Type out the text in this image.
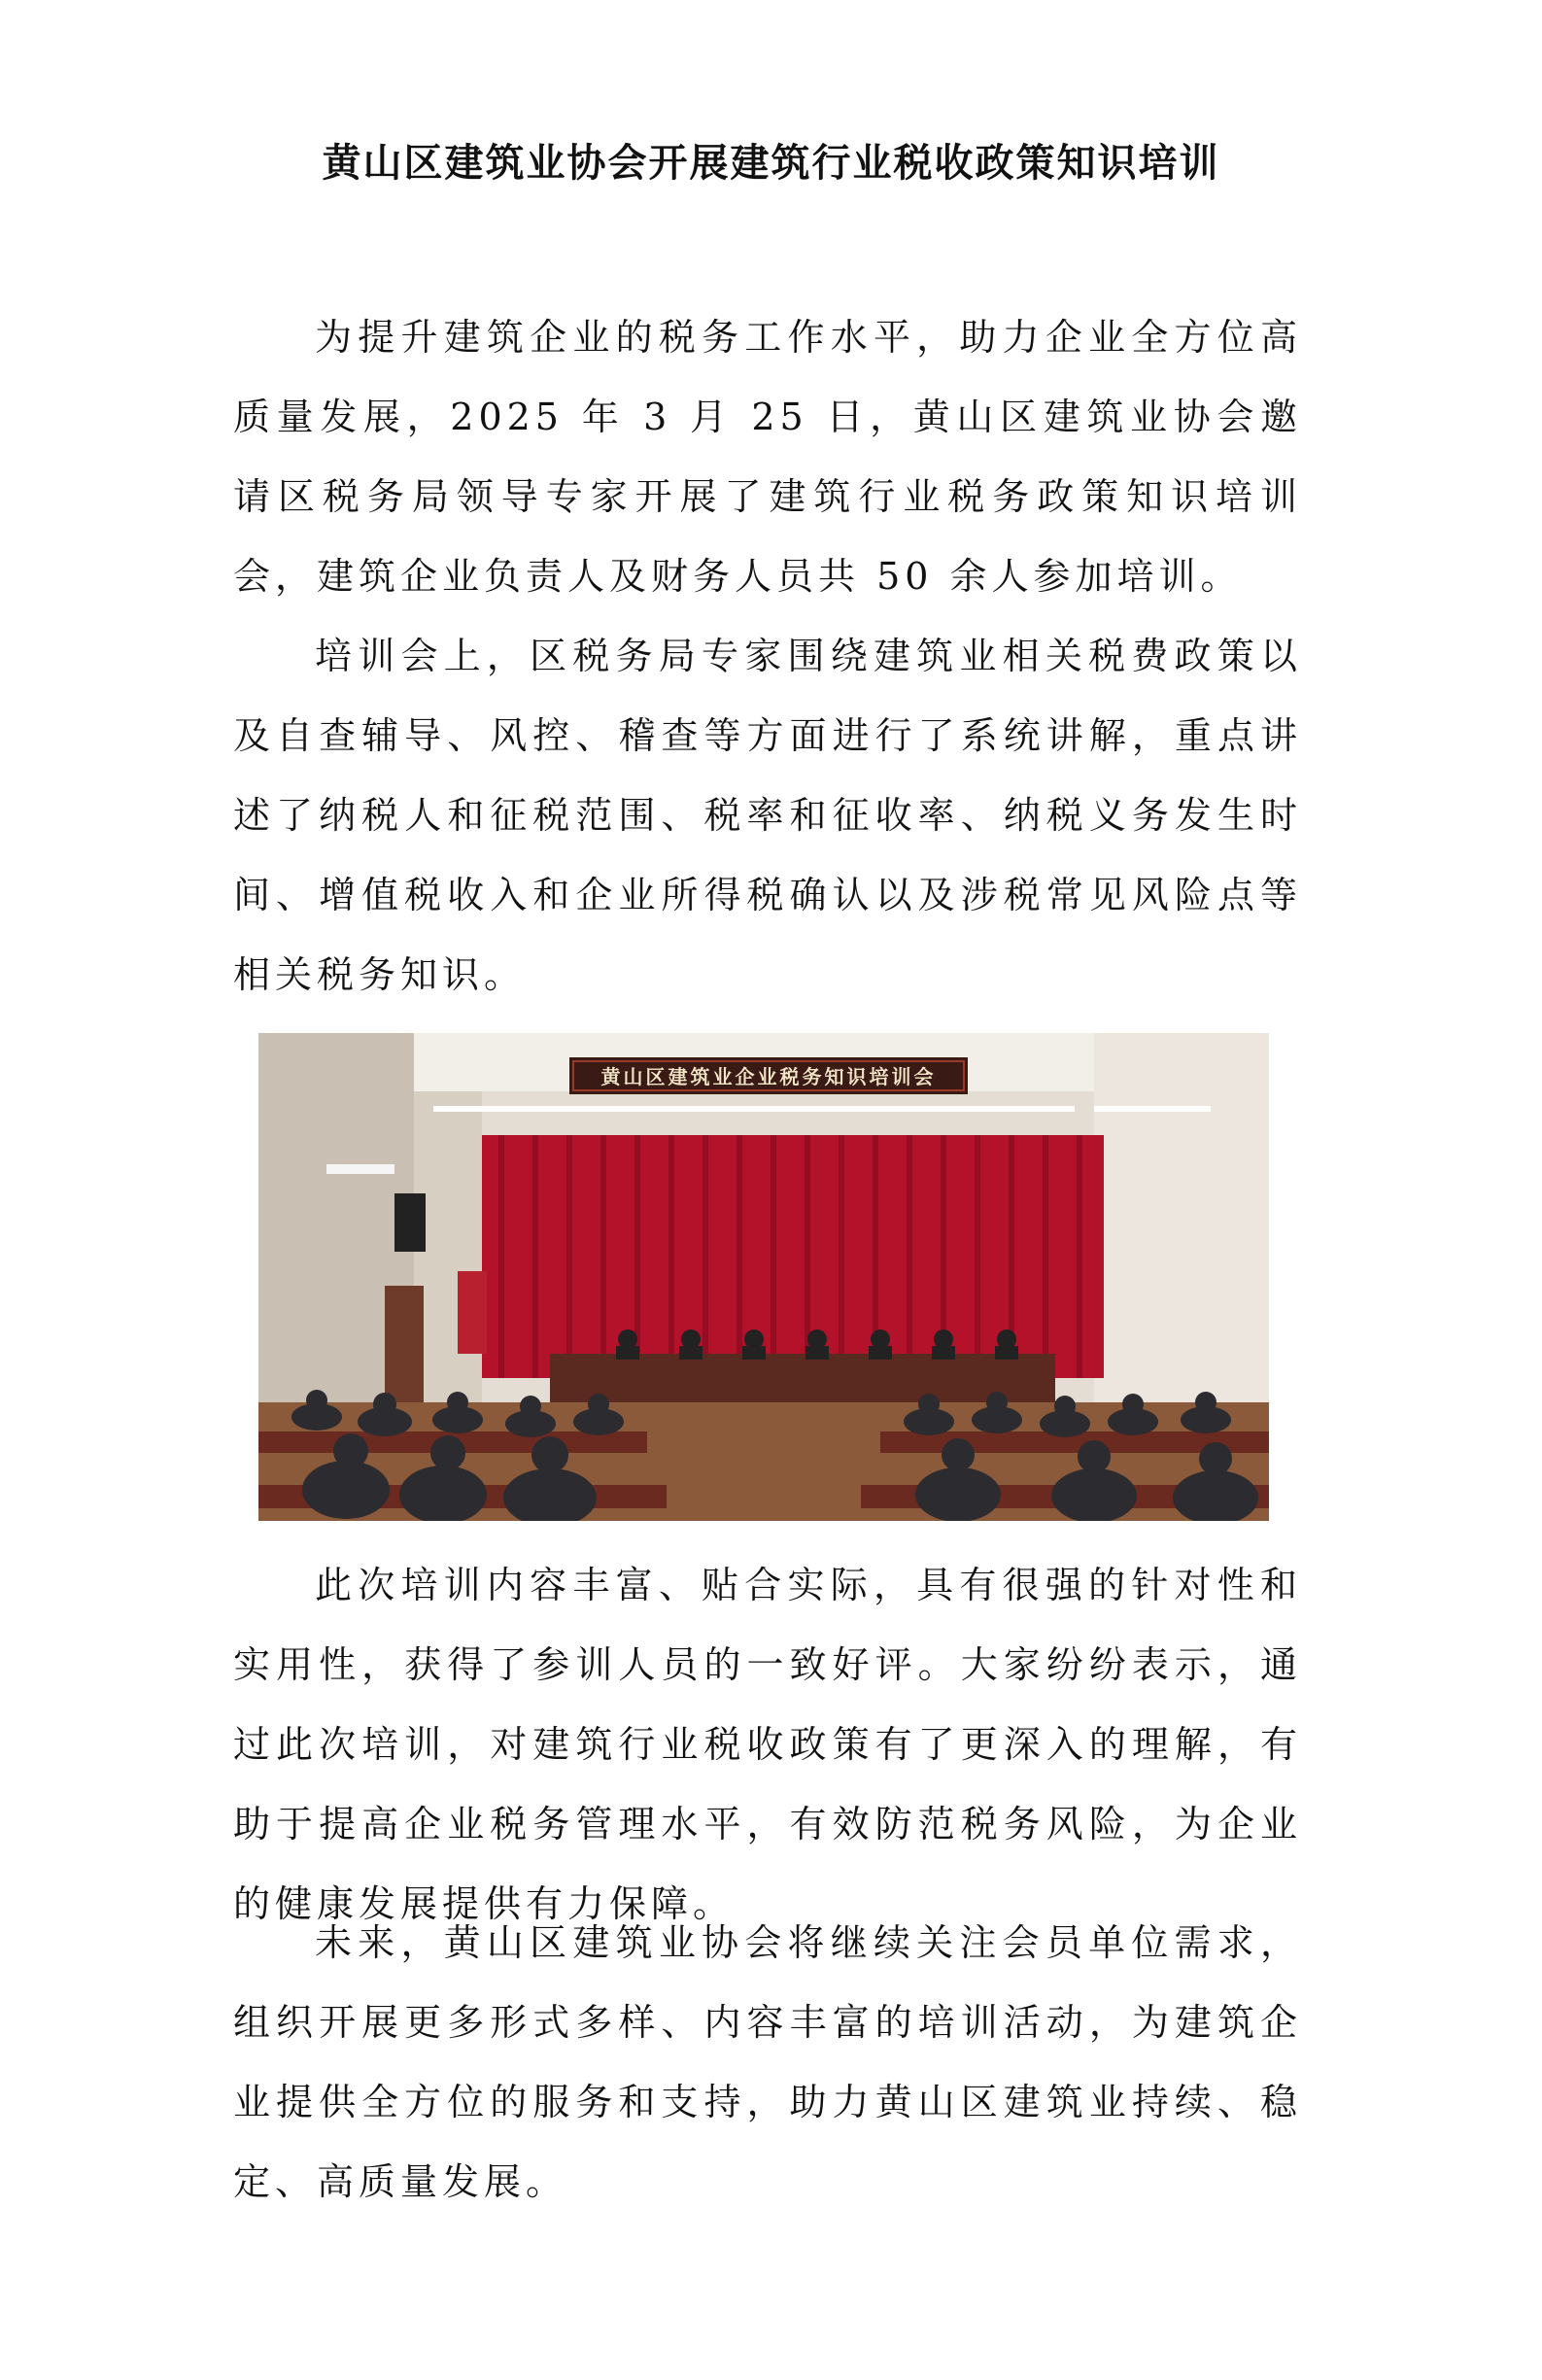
黄山区建筑业协会开展建筑行业税收政策知识培训

为提升建筑企业的税务工作水平，助力企业全方位高质量发展，2025 年 3 月 25 日，黄山区建筑业协会邀请区税务局领导专家开展了建筑行业税务政策知识培训会，建筑企业负责人及财务人员共 50 余人参加培训。

培训会上，区税务局专家围绕建筑业相关税费政策以及自查辅导、风控、稽查等方面进行了系统讲解，重点讲述了纳税人和征税范围、税率和征收率、纳税义务发生时间、增值税收入和企业所得税确认以及涉税常见风险点等相关税务知识。

黄山区建筑业企业税务知识培训会

此次培训内容丰富、贴合实际，具有很强的针对性和实用性，获得了参训人员的一致好评。大家纷纷表示，通过此次培训，对建筑行业税收政策有了更深入的理解，有助于提高企业税务管理水平，有效防范税务风险，为企业的健康发展提供有力保障。

未来，黄山区建筑业协会将继续关注会员单位需求，组织开展更多形式多样、内容丰富的培训活动，为建筑企业提供全方位的服务和支持，助力黄山区建筑业持续、稳定、高质量发展。
